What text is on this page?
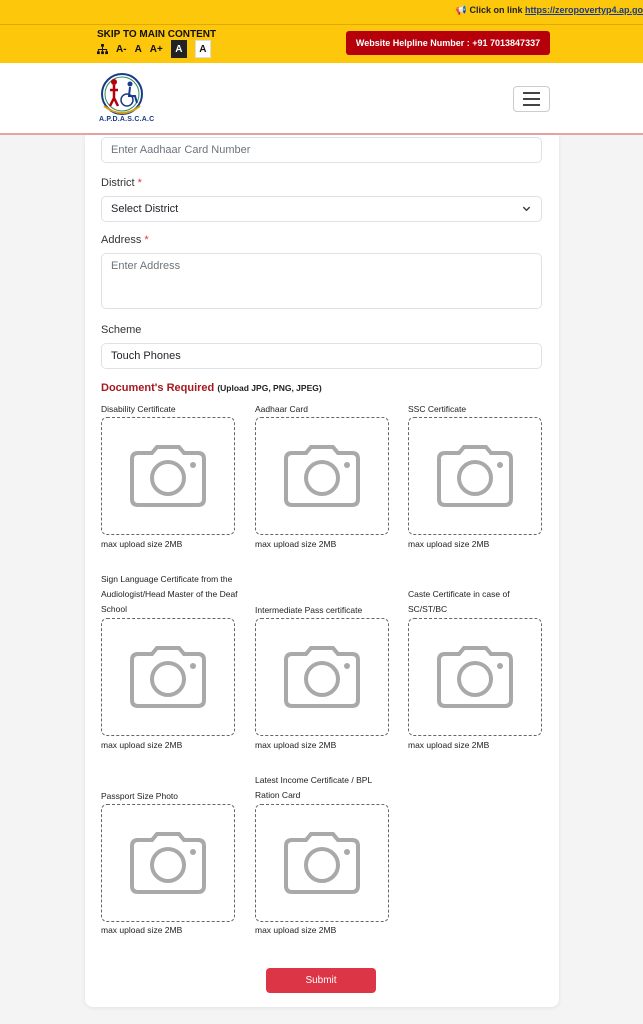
📢 Click on link https://zeropovertyp4.ap.go
SKIP TO MAIN CONTENT
A- A A+	A	A
Website Helpline Number : +91 7013847337
A.P.D.A.S.C.A.C
Enter Aadhaar Card Number
District *
Select District
Address *
Enter Address
Scheme
Touch Phones
Document's Required (Upload JPG, PNG, JPEG)
Disability Certificate
max upload size 2MB
Aadhaar Card
max upload size 2MB
SSC Certificate
max upload size 2MB
Sign Language Certificate from the Audiologist/Head Master of the Deaf School
max upload size 2MB
Intermediate Pass certificate
max upload size 2MB
Caste Certificate in case of SC/ST/BC
max upload size 2MB
Passport Size Photo
max upload size 2MB
Latest Income Certificate / BPL Ration Card
max upload size 2MB
Submit
